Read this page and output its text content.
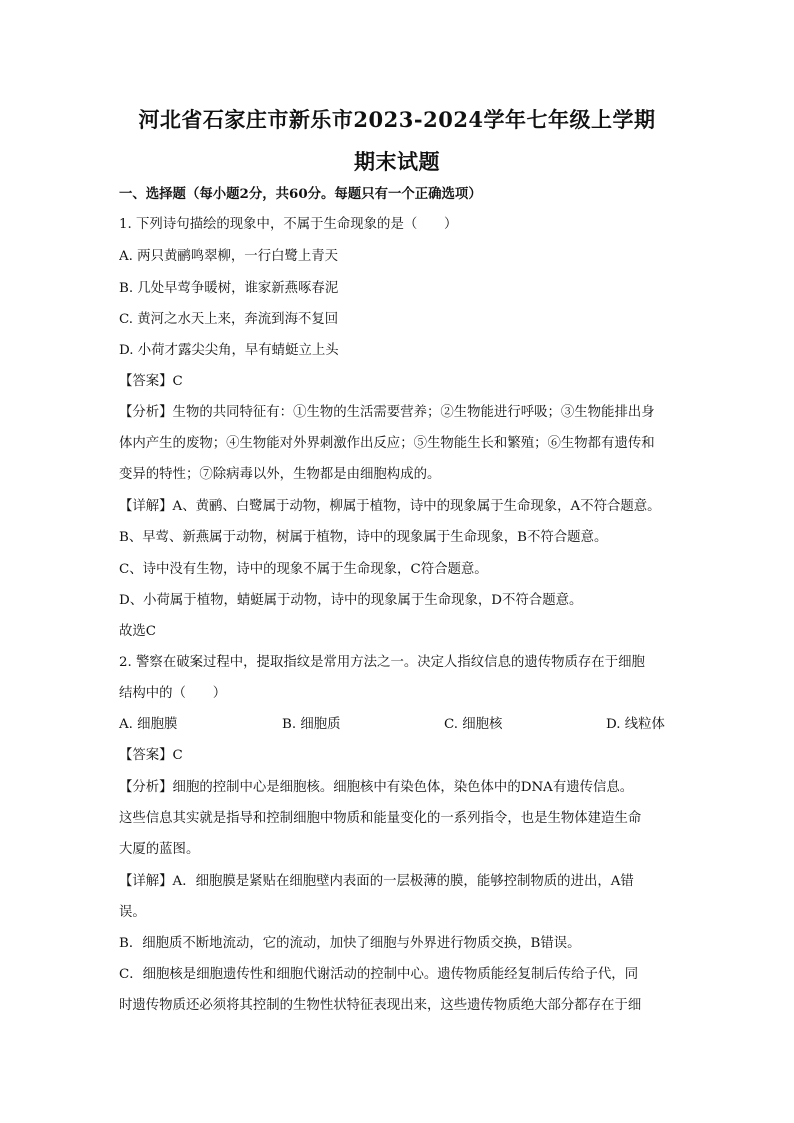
河北省石家庄市新乐市2023-2024学年七年级上学期
期末试题
一、选择题（每小题2分，共60分。每题只有一个正确选项）
1. 下列诗句描绘的现象中，不属于生命现象的是（　　）
A. 两只黄鹂鸣翠柳，一行白鹭上青天
B. 几处早莺争暖树，谁家新燕啄春泥
C. 黄河之水天上来，奔流到海不复回
D. 小荷才露尖尖角，早有蜻蜓立上头
【答案】C
【分析】生物的共同特征有：①生物的生活需要营养；②生物能进行呼吸；③生物能排出身
体内产生的废物；④生物能对外界刺激作出反应；⑤生物能生长和繁殖；⑥生物都有遗传和
变异的特性；⑦除病毒以外，生物都是由细胞构成的。
【详解】A、黄鹂、白鹭属于动物，柳属于植物，诗中的现象属于生命现象，A不符合题意。
B、早莺、新燕属于动物，树属于植物，诗中的现象属于生命现象，B不符合题意。
C、诗中没有生物，诗中的现象不属于生命现象，C符合题意。
D、小荷属于植物，蜻蜓属于动物，诗中的现象属于生命现象，D不符合题意。
故选C
2. 警察在破案过程中，提取指纹是常用方法之一。决定人指纹信息的遗传物质存在于细胞
结构中的（　　）
A. 细胞膜	B. 细胞质	C. 细胞核	D. 线粒体
【答案】C
【分析】细胞的控制中心是细胞核。细胞核中有染色体，染色体中的DNA有遗传信息。
这些信息其实就是指导和控制细胞中物质和能量变化的一系列指令，也是生物体建造生命
大厦的蓝图。
【详解】A．细胞膜是紧贴在细胞壁内表面的一层极薄的膜，能够控制物质的进出，A错
误。
B．细胞质不断地流动，它的流动，加快了细胞与外界进行物质交换，B错误。
C．细胞核是细胞遗传性和细胞代谢活动的控制中心。遗传物质能经复制后传给子代，同
时遗传物质还必须将其控制的生物性状特征表现出来，这些遗传物质绝大部分都存在于细
